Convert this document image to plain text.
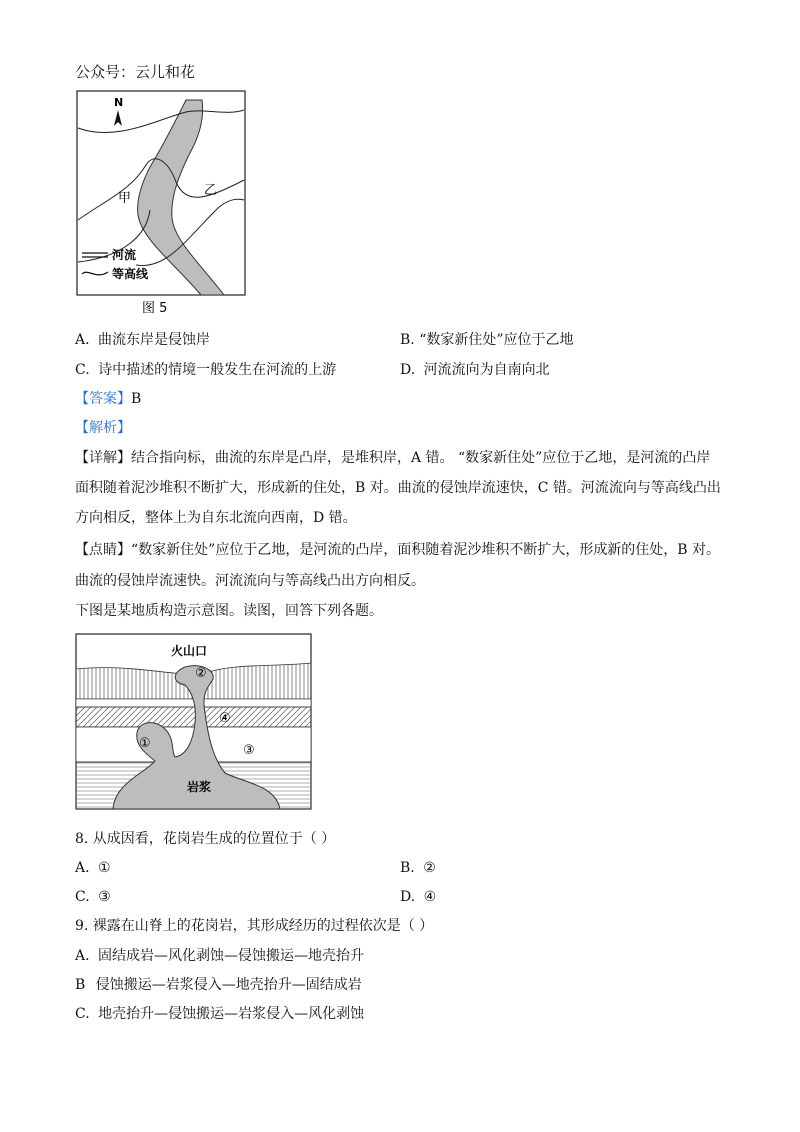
公众号：云儿和花
N
甲
乙
河流
等高线
图 5
A. 曲流东岸是侵蚀岸	B. “数家新住处”应位于乙地
C. 诗中描述的情境一般发生在河流的上游	D. 河流流向为自南向北
【答案】B
【解析】
【详解】结合指向标，曲流的东岸是凸岸，是堆积岸，A 错。 “数家新住处”应位于乙地，是河流的凸岸
面积随着泥沙堆积不断扩大，形成新的住处，B 对。曲流的侵蚀岸流速快，C 错。河流流向与等高线凸出
方向相反，整体上为自东北流向西南，D 错。
【点睛】“数家新住处”应位于乙地，是河流的凸岸，面积随着泥沙堆积不断扩大，形成新的住处，B 对。
曲流的侵蚀岸流速快。河流流向与等高线凸出方向相反。
下图是某地质构造示意图。读图，回答下列各题。
火山口
②
④
①	③
岩浆
8. 从成因看，花岗岩生成的位置位于（ ）
A. ①	B. ②
C. ③	D. ④
9. 裸露在山脊上的花岗岩，其形成经历的过程依次是（ ）
A. 固结成岩—风化剥蚀—侵蚀搬运—地壳抬升
B 侵蚀搬运—岩浆侵入—地壳抬升—固结成岩
C. 地壳抬升—侵蚀搬运—岩浆侵入—风化剥蚀
